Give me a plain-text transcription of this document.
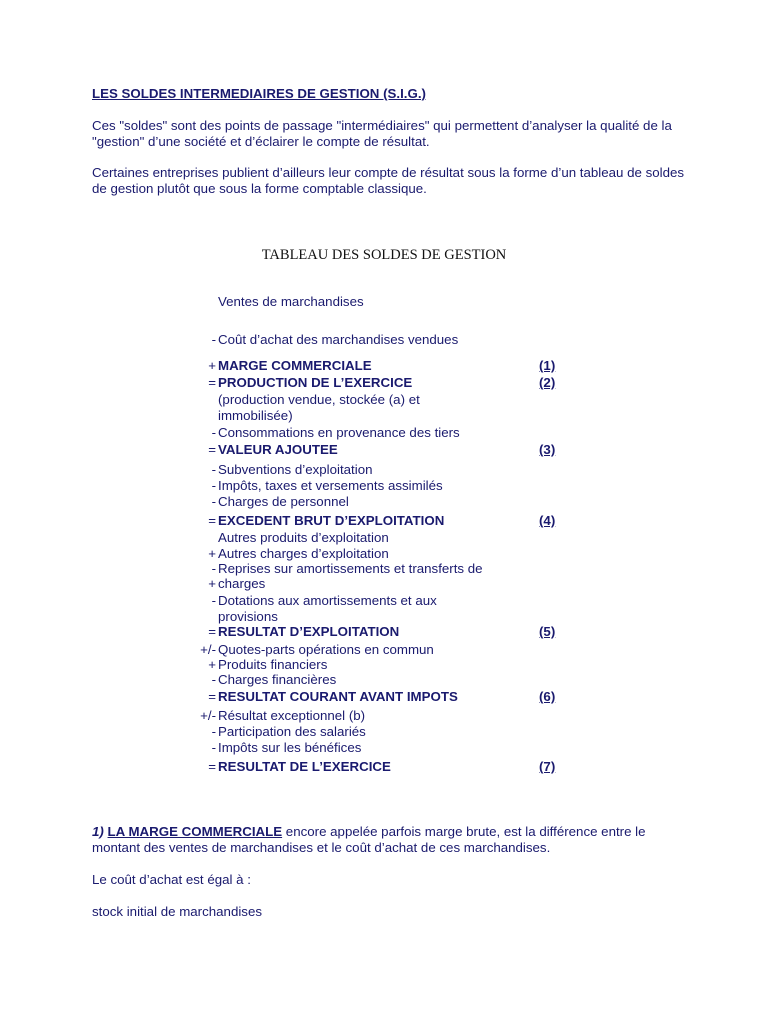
LES SOLDES INTERMEDIAIRES DE GESTION (S.I.G.)
Ces "soldes" sont des points de passage "intermédiaires" qui permettent d’analyser la qualité de la "gestion" d’une société et d’éclairer le compte de résultat.
Certaines entreprises publient d’ailleurs leur compte de résultat sous la forme d’un tableau de soldes de gestion plutôt que sous la forme comptable classique.
TABLEAU DES SOLDES DE GESTION
Ventes de marchandises
- Coût d’achat des marchandises vendues
+ MARGE COMMERCIALE	(1)
= PRODUCTION DE L’EXERCICE	(2)
(production vendue, stockée (a) et immobilisée)
- Consommations en provenance des tiers
= VALEUR AJOUTEE	(3)
- Subventions d’exploitation
- Impôts, taxes et versements assimilés
- Charges de personnel
= EXCEDENT BRUT D’EXPLOITATION	(4)
Autres produits d’exploitation
+ Autres charges d’exploitation
- Reprises sur amortissements et transferts de
+ charges
- Dotations aux amortissements et aux provisions
= RESULTAT D’EXPLOITATION	(5)
+/- Quotes-parts opérations en commun
+ Produits financiers
- Charges financières
= RESULTAT COURANT AVANT IMPOTS	(6)
+/- Résultat exceptionnel (b)
- Participation des salariés
- Impôts sur les bénéfices
= RESULTAT DE L’EXERCICE	(7)
1) LA MARGE COMMERCIALE encore appelée parfois marge brute, est la différence entre le montant des ventes de marchandises et le coût d’achat de ces marchandises.
Le coût d’achat est égal à :
stock initial de marchandises
